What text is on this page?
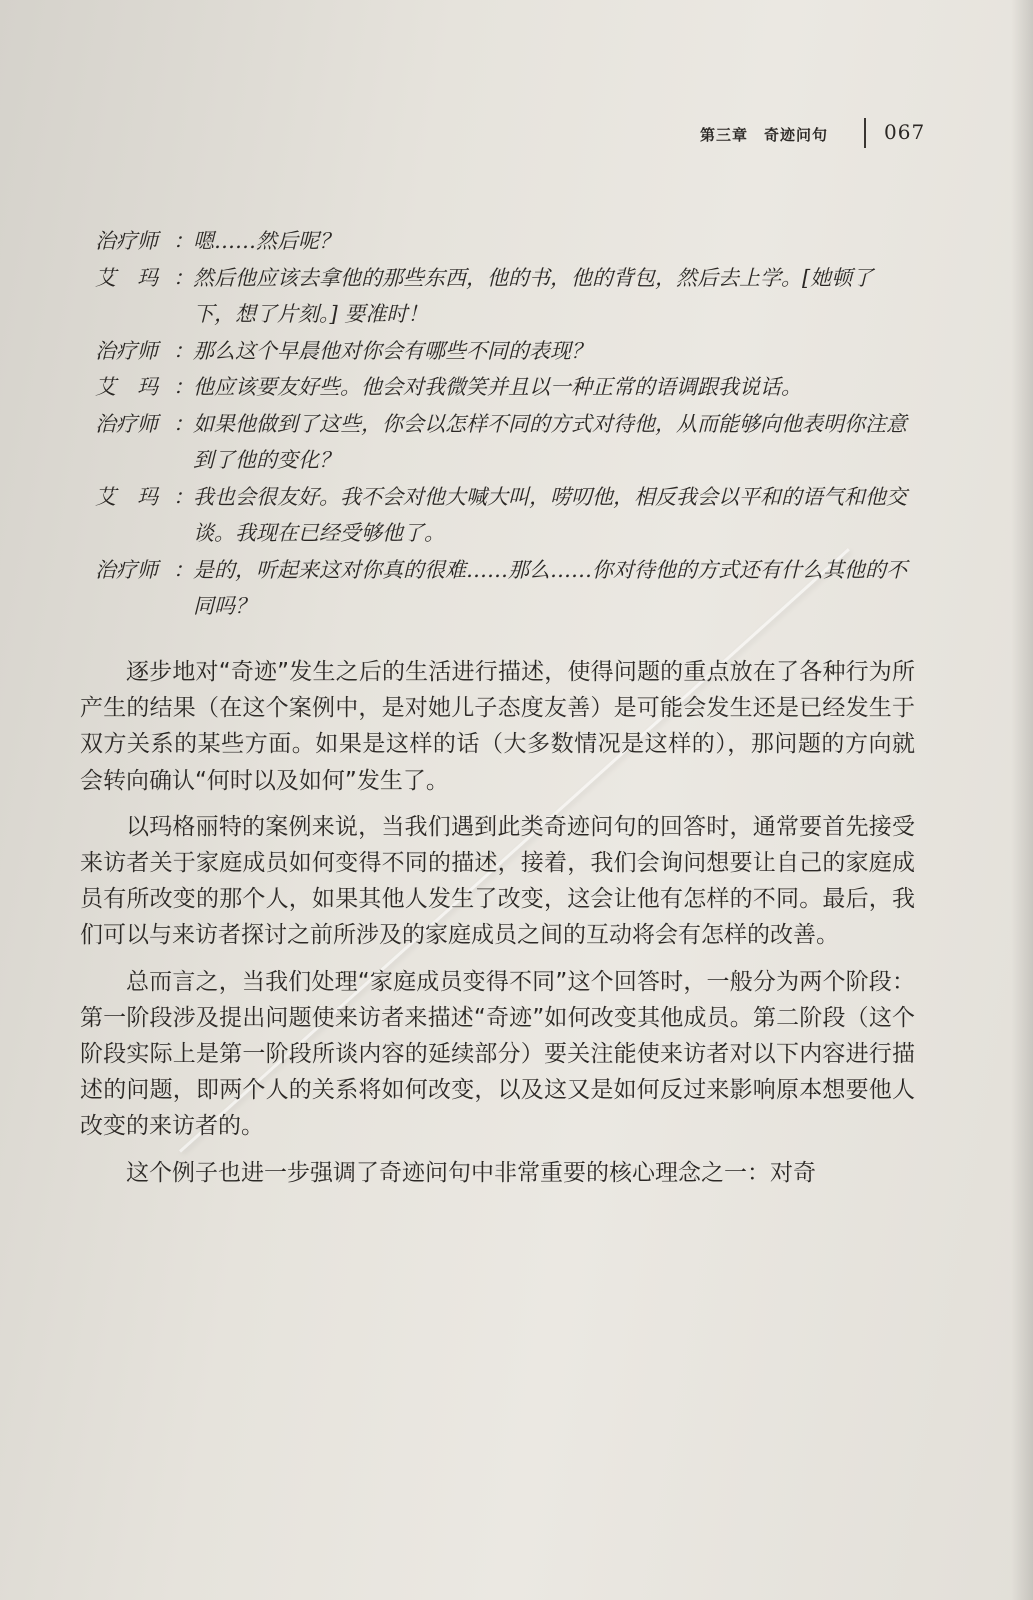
第三章　奇迹问句	067
治疗师 ： 嗯……然后呢？
艾　玛 ： 然后他应该去拿他的那些东西，他的书，他的背包，然后去上学。[她顿了下，想了片刻。] 要准时！
治疗师 ： 那么这个早晨他对你会有哪些不同的表现？
艾　玛 ： 他应该要友好些。他会对我微笑并且以一种正常的语调跟我说话。
治疗师 ： 如果他做到了这些，你会以怎样不同的方式对待他，从而能够向他表明你注意到了他的变化？
艾　玛 ： 我也会很友好。我不会对他大喊大叫，唠叨他，相反我会以平和的语气和他交谈。我现在已经受够他了。
治疗师 ： 是的，听起来这对你真的很难……那么……你对待他的方式还有什么其他的不同吗？

逐步地对“奇迹”发生之后的生活进行描述，使得问题的重点放在了各种行为所产生的结果（在这个案例中，是对她儿子态度友善）是可能会发生还是已经发生于双方关系的某些方面。如果是这样的话（大多数情况是这样的），那问题的方向就会转向确认“何时以及如何”发生了。

以玛格丽特的案例来说，当我们遇到此类奇迹问句的回答时，通常要首先接受来访者关于家庭成员如何变得不同的描述，接着，我们会询问想要让自己的家庭成员有所改变的那个人，如果其他人发生了改变，这会让他有怎样的不同。最后，我们可以与来访者探讨之前所涉及的家庭成员之间的互动将会有怎样的改善。

总而言之，当我们处理“家庭成员变得不同”这个回答时，一般分为两个阶段：第一阶段涉及提出问题使来访者来描述“奇迹”如何改变其他成员。第二阶段（这个阶段实际上是第一阶段所谈内容的延续部分）要关注能使来访者对以下内容进行描述的问题，即两个人的关系将如何改变，以及这又是如何反过来影响原本想要他人改变的来访者的。

这个例子也进一步强调了奇迹问句中非常重要的核心理念之一：对奇
